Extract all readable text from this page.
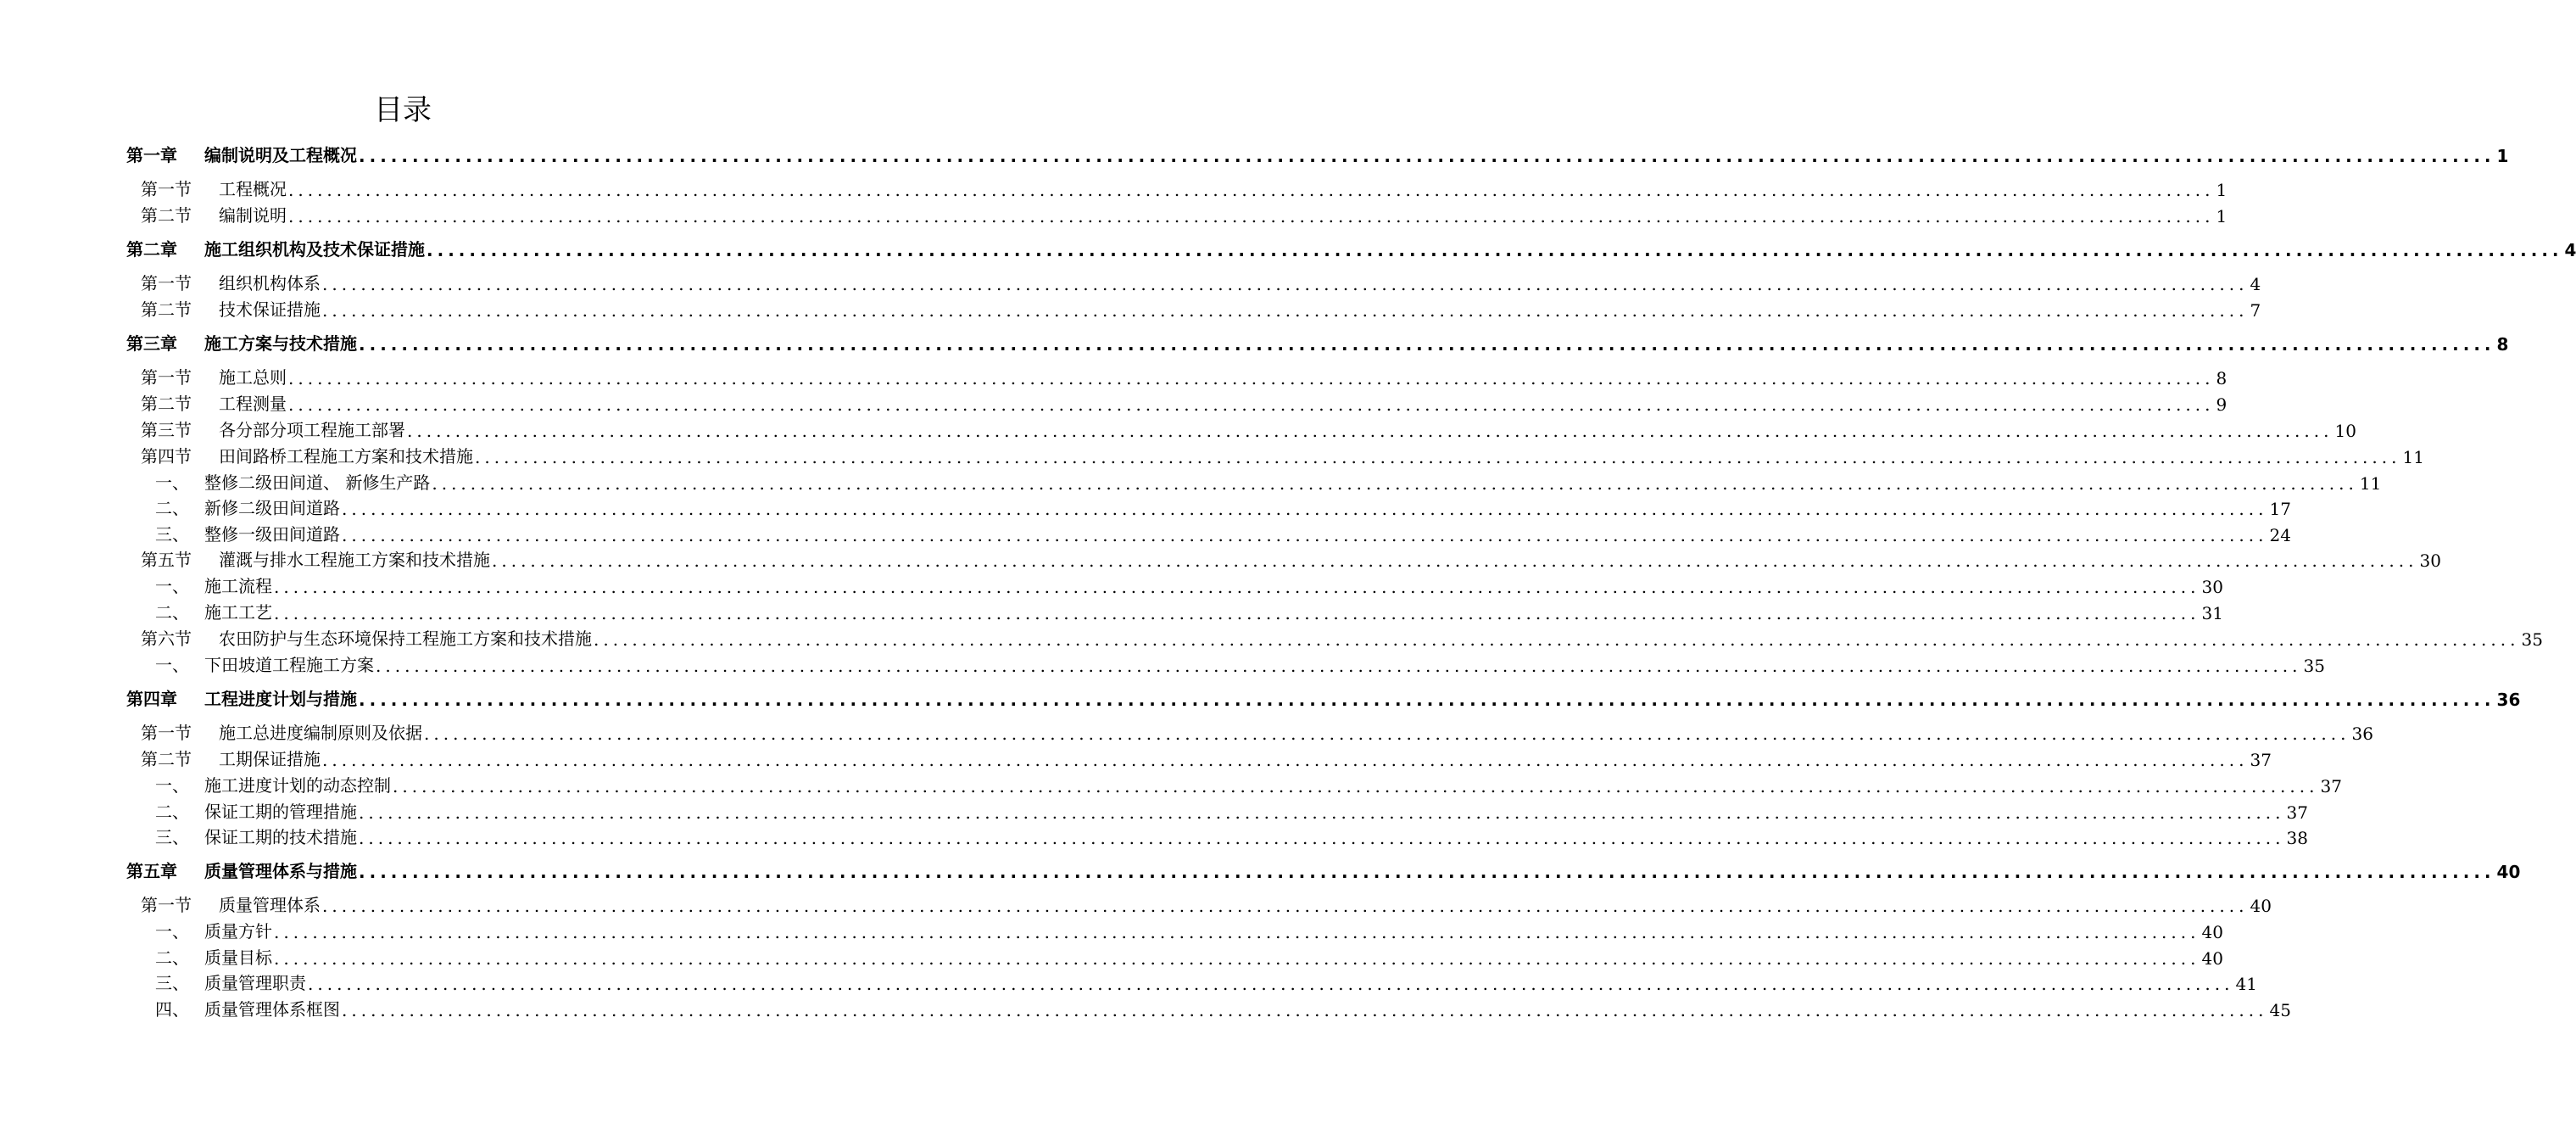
目录
第一章	编制说明及工程概况 ........................................................................................................................................................................................................ 1
第一节	工程概况 ........................................................................................................................................................................................................ 1
第二节	编制说明 ........................................................................................................................................................................................................ 1
第二章	施工组织机构及技术保证措施 ........................................................................................................................................................................................................ 4
第一节	组织机构体系 ........................................................................................................................................................................................................ 4
第二节	技术保证措施 ........................................................................................................................................................................................................ 7
第三章	施工方案与技术措施 ........................................................................................................................................................................................................ 8
第一节	施工总则 ........................................................................................................................................................................................................ 8
第二节	工程测量 ........................................................................................................................................................................................................ 9
第三节	各分部分项工程施工部署 ........................................................................................................................................................................................................ 10
第四节	田间路桥工程施工方案和技术措施 ........................................................................................................................................................................................................ 11
一、 整修二级田间道、 新修生产路 ........................................................................................................................................................................................................ 11
二、 新修二级田间道路 ........................................................................................................................................................................................................ 17
三、 整修一级田间道路 ........................................................................................................................................................................................................ 24
第五节	灌溉与排水工程施工方案和技术措施 ........................................................................................................................................................................................................ 30
一、 施工流程 ........................................................................................................................................................................................................ 30
二、 施工工艺 ........................................................................................................................................................................................................ 31
第六节	农田防护与生态环境保持工程施工方案和技术措施 ........................................................................................................................................................................................................ 35
一、 下田坡道工程施工方案 ........................................................................................................................................................................................................ 35
第四章	工程进度计划与措施 ........................................................................................................................................................................................................ 36
第一节	施工总进度编制原则及依据 ........................................................................................................................................................................................................ 36
第二节	工期保证措施 ........................................................................................................................................................................................................ 37
一、 施工进度计划的动态控制 ........................................................................................................................................................................................................ 37
二、 保证工期的管理措施 ........................................................................................................................................................................................................ 37
三、 保证工期的技术措施 ........................................................................................................................................................................................................ 38
第五章	质量管理体系与措施 ........................................................................................................................................................................................................ 40
第一节	质量管理体系 ........................................................................................................................................................................................................ 40
一、 质量方针 ........................................................................................................................................................................................................ 40
二、 质量目标 ........................................................................................................................................................................................................ 40
三、 质量管理职责 ........................................................................................................................................................................................................ 41
四、 质量管理体系框图 ........................................................................................................................................................................................................ 45
